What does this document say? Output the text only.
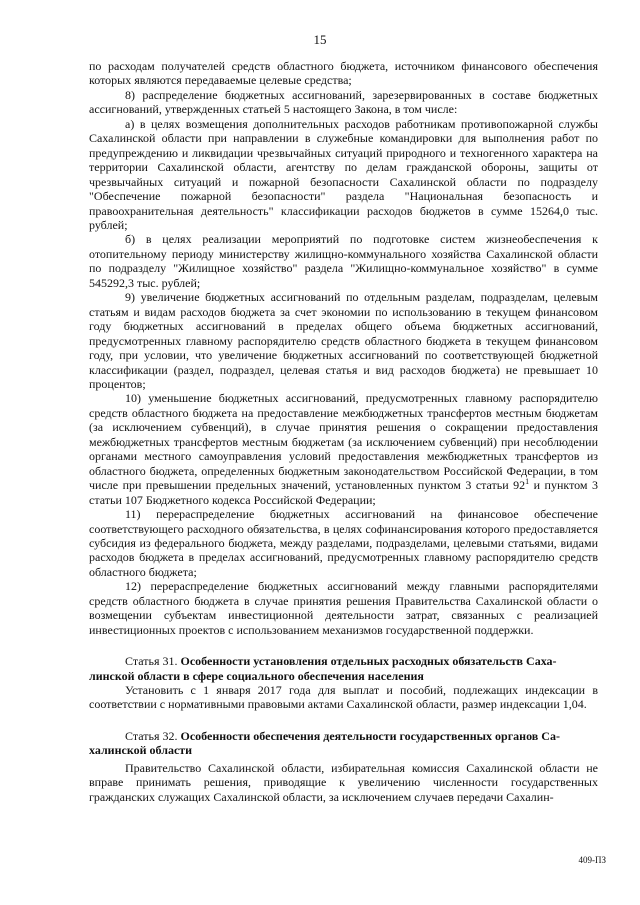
15

по расходам получателей средств областного бюджета, источником финансового обеспечения которых являются передаваемые целевые средства;

8) распределение бюджетных ассигнований, зарезервированных в составе бюджетных ассигнований, утвержденных статьей 5 настоящего Закона, в том числе:

а) в целях возмещения дополнительных расходов работникам противопожарной службы Сахалинской области при направлении в служебные командировки для выполнения работ по предупреждению и ликвидации чрезвычайных ситуаций природного и техногенного характера на территории Сахалинской области, агентству по делам гражданской обороны, защиты от чрезвычайных ситуаций и пожарной безопасности Сахалинской области по подразделу "Обеспечение пожарной безопасности" раздела "Национальная безопасность и правоохранительная деятельность" классификации расходов бюджетов в сумме 15264,0 тыс. рублей;

б) в целях реализации мероприятий по подготовке систем жизнеобеспечения к отопительному периоду министерству жилищно-коммунального хозяйства Сахалинской области по подразделу "Жилищное хозяйство" раздела "Жилищно-коммунальное хозяйство" в сумме 545292,3 тыс. рублей;

9) увеличение бюджетных ассигнований по отдельным разделам, подразделам, целевым статьям и видам расходов бюджета за счет экономии по использованию в текущем финансовом году бюджетных ассигнований в пределах общего объема бюджетных ассигнований, предусмотренных главному распорядителю средств областного бюджета в текущем финансовом году, при условии, что увеличение бюджетных ассигнований по соответствующей бюджетной классификации (раздел, подраздел, целевая статья и вид расходов бюджета) не превышает 10 процентов;

10) уменьшение бюджетных ассигнований, предусмотренных главному распорядителю средств областного бюджета на предоставление межбюджетных трансфертов местным бюджетам (за исключением субвенций), в случае принятия решения о сокращении предоставления межбюджетных трансфертов местным бюджетам (за исключением субвенций) при несоблюдении органами местного самоуправления условий предоставления межбюджетных трансфертов из областного бюджета, определенных бюджетным законодательством Российской Федерации, в том числе при превышении предельных значений, установленных пунктом 3 статьи $92^1$ и пунктом 3 статьи 107 Бюджетного кодекса Российской Федерации;

11) перераспределение бюджетных ассигнований на финансовое обеспечение соответствующего расходного обязательства, в целях софинансирования которого предоставляется субсидия из федерального бюджета, между разделами, подразделами, целевыми статьями, видами расходов бюджета в пределах ассигнований, предусмотренных главному распорядителю средств областного бюджета;

12) перераспределение бюджетных ассигнований между главными распорядителями средств областного бюджета в случае принятия решения Правительства Сахалинской области о возмещении субъектам инвестиционной деятельности затрат, связанных с реализацией инвестиционных проектов с использованием механизмов государственной поддержки.

Статья 31. Особенности установления отдельных расходных обязательств Саха-

линской области в сфере социального обеспечения населения

Установить с 1 января 2017 года для выплат и пособий, подлежащих индексации в соответствии с нормативными правовыми актами Сахалинской области, размер индексации 1,04.

Статья 32. Особенности обеспечения деятельности государственных органов Са-

халинской области

Правительство Сахалинской области, избирательная комиссия Сахалинской области не вправе принимать решения, приводящие к увеличению численности государственных гражданских служащих Сахалинской области, за исключением случаев передачи Сахалин-

409-ПЗ
